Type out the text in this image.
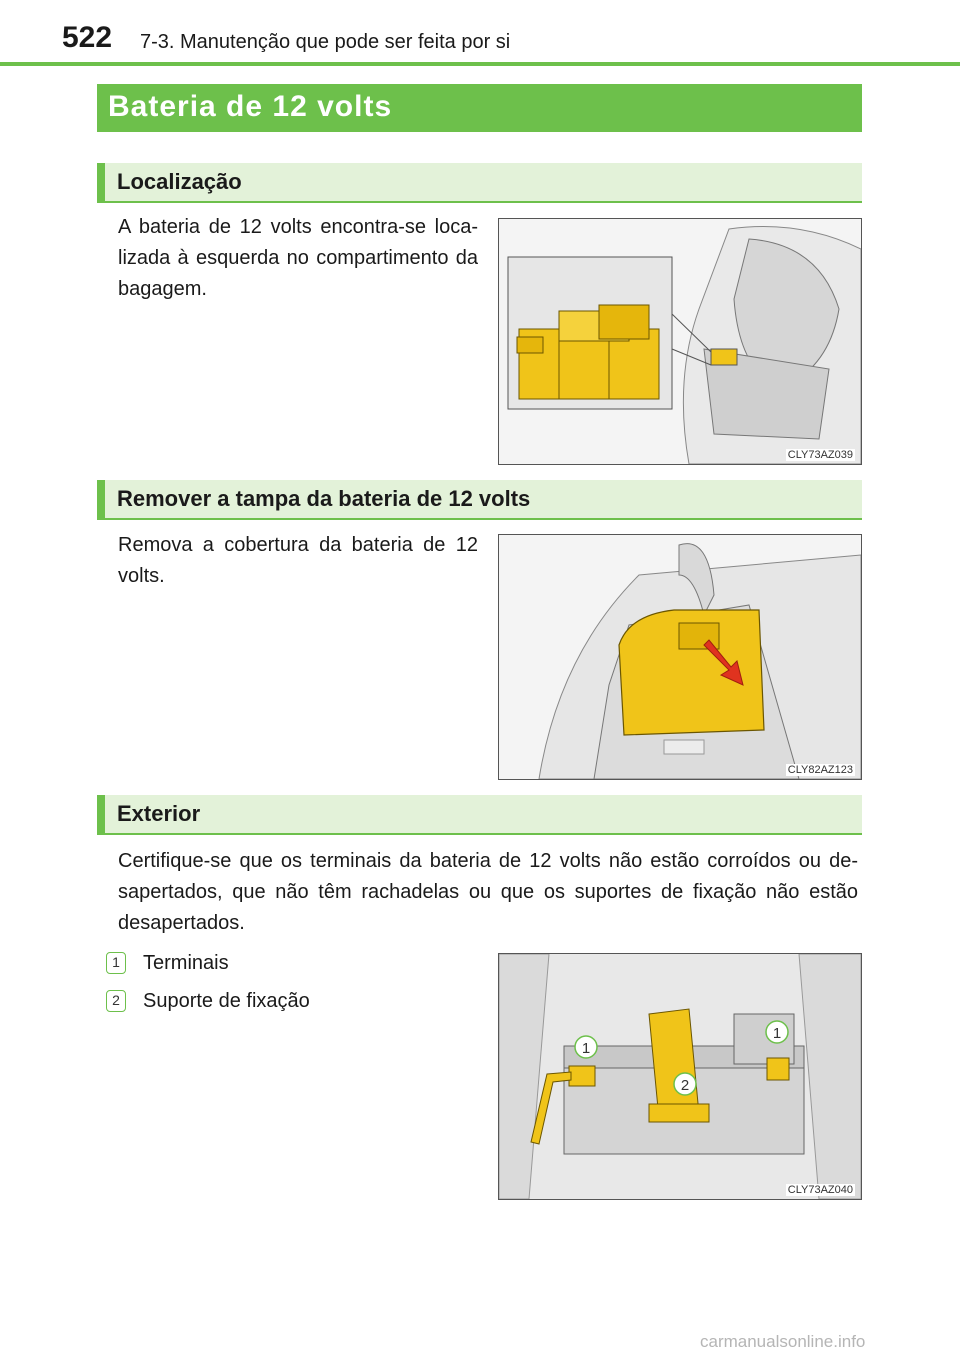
522 7-3. Manutenção que pode ser feita por si
Bateria de 12 volts
Localização
A bateria de 12 volts encontra-se loca-lizada à esquerda no compartimento da bagagem.
CLY73AZ039
Remover a tampa da bateria de 12 volts
Remova a cobertura da bateria de 12 volts.
CLY82AZ123
Exterior
Certifique-se que os terminais da bateria de 12 volts não estão corroídos ou de-sapertados, que não têm rachadelas ou que os suportes de fixação não estão desapertados.
1	Terminais
2	Suporte de fixação
1
1
2
CLY73AZ040
carmanualsonline.info
